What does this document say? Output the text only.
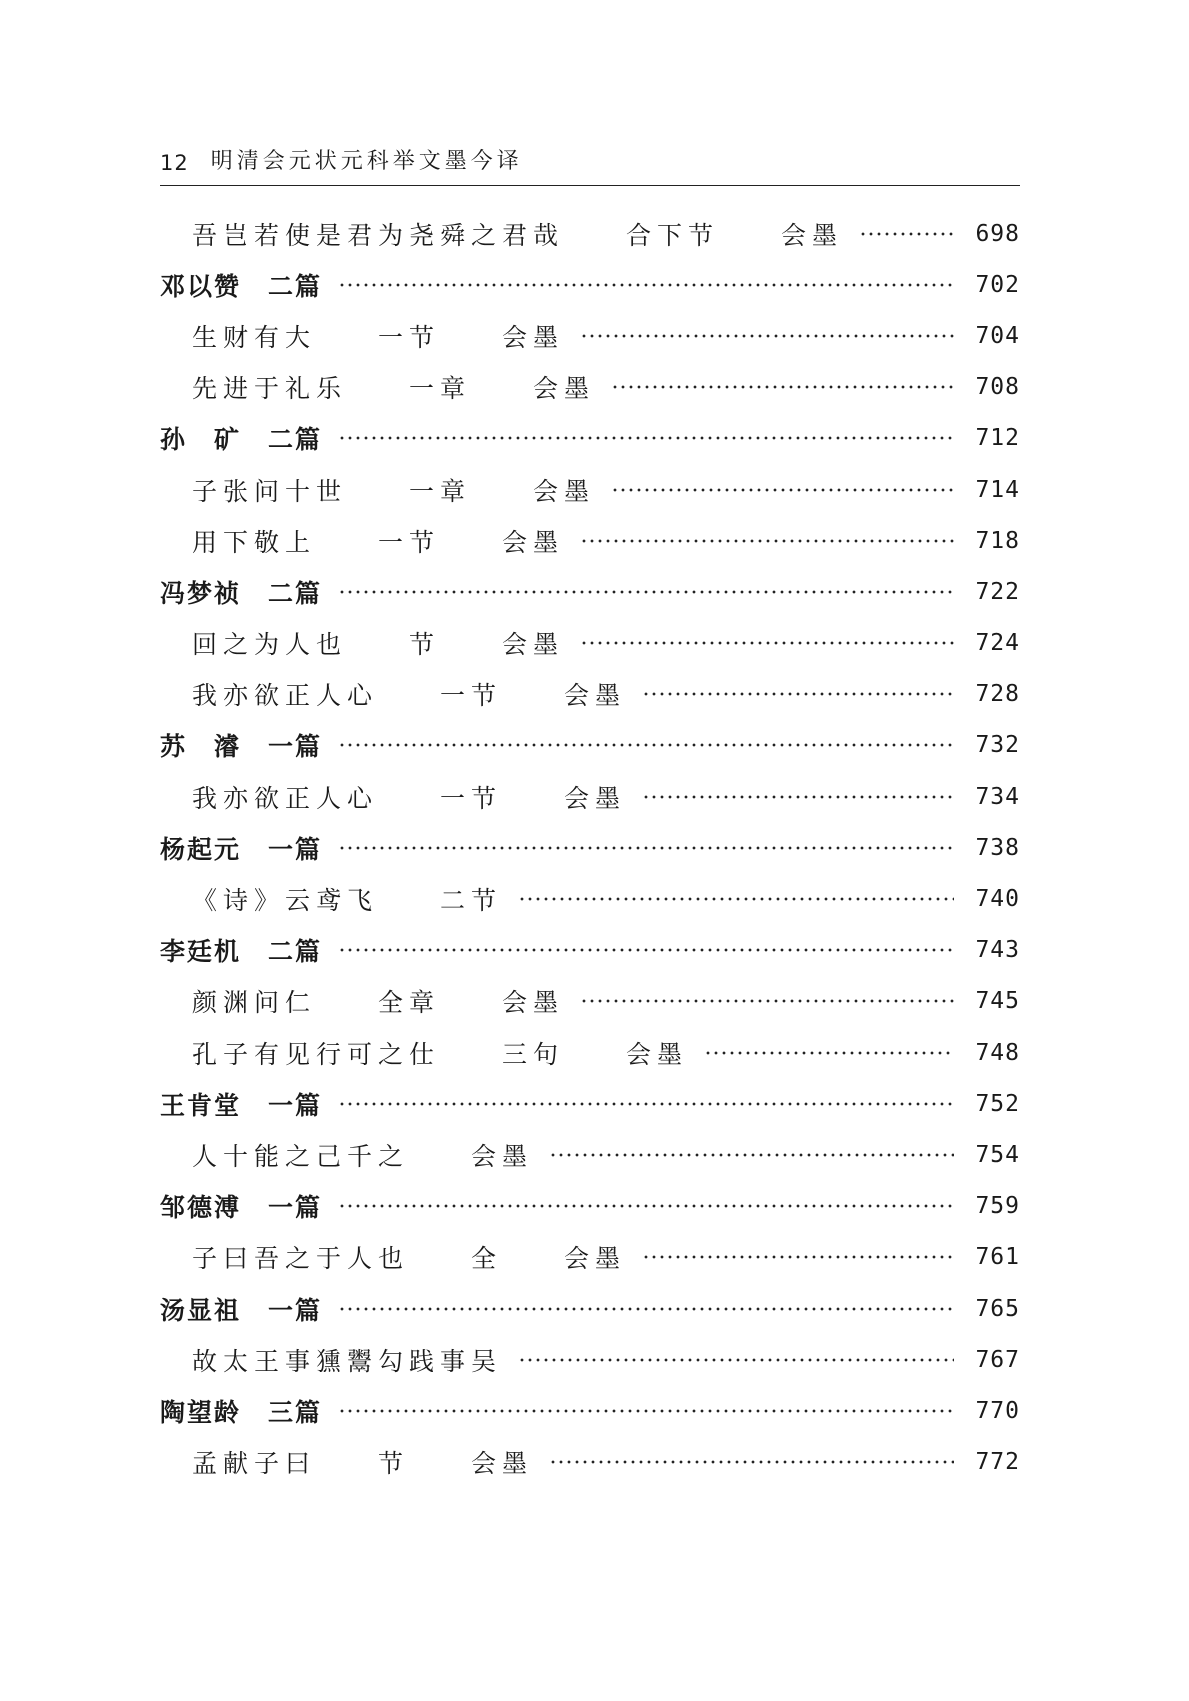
12 明清会元状元科举文墨今译
吾岂若使是君为尧舜之君哉　　合下节　　会墨	698
邓以赞　二篇	702
生财有大　　一节　　会墨	704
先进于礼乐　　一章　　会墨	708
孙　矿　二篇	712
子张问十世　　一章　　会墨	714
用下敬上　　一节　　会墨	718
冯梦祯　二篇	722
回之为人也　　节　　会墨	724
我亦欲正人心　　一节　　会墨	728
苏　濬　一篇	732
我亦欲正人心　　一节　　会墨	734
杨起元　一篇	738
《诗》云鸢飞　　二节	740
李廷机　二篇	743
颜渊问仁　　全章　　会墨	745
孔子有见行可之仕　　三句　　会墨	748
王肯堂　一篇	752
人十能之己千之　　会墨	754
邹德溥　一篇	759
子曰吾之于人也　　全　　会墨	761
汤显祖　一篇	765
故太王事獯鬻勾践事吴	767
陶望龄　三篇	770
孟献子曰　　节　　会墨	772
